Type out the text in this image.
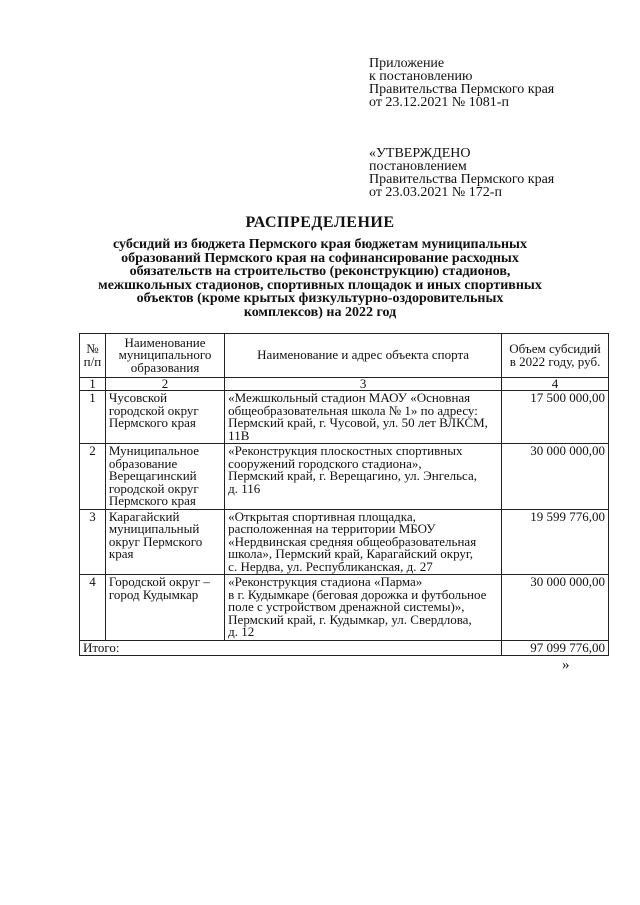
Приложение
к постановлению
Правительства Пермского края
от 23.12.2021 № 1081-п
«УТВЕРЖДЕНО
постановлением
Правительства Пермского края
от 23.03.2021 № 172-п
РАСПРЕДЕЛЕНИЕ
субсидий из бюджета Пермского края бюджетам муниципальных
образований Пермского края на софинансирование расходных
обязательств на строительство (реконструкцию) стадионов,
межшкольных стадионов, спортивных площадок и иных спортивных
объектов (кроме крытых физкультурно-оздоровительных
комплексов) на 2022 год
№ п/п	Наименование муниципального образования	Наименование и адрес объекта спорта	Объем субсидий в 2022 году, руб.
1	2	3	4
1	Чусовской городской округ Пермского края	«Межшкольный стадион МАОУ «Основная
общеобразовательная школа № 1» по адресу:
Пермский край, г. Чусовой, ул. 50 лет ВЛКСМ,
11В	17 500 000,00
2	Муниципальное образование Верещагинский городской округ Пермского края	«Реконструкция плоскостных спортивных
сооружений городского стадиона»,
Пермский край, г. Верещагино, ул. Энгельса,
д. 116	30 000 000,00
3	Карагайский муниципальный округ Пермского края	«Открытая спортивная площадка,
расположенная на территории МБОУ
«Нердвинская средняя общеобразовательная
школа», Пермский край, Карагайский округ,
с. Нердва, ул. Республиканская, д. 27	19 599 776,00
4	Городской округ – город Кудымкар	«Реконструкция стадиона «Парма»
в г. Кудымкаре (беговая дорожка и футбольное
поле с устройством дренажной системы)»,
Пермский край, г. Кудымкар, ул. Свердлова,
д. 12	30 000 000,00
Итого:			97 099 776,00
»
